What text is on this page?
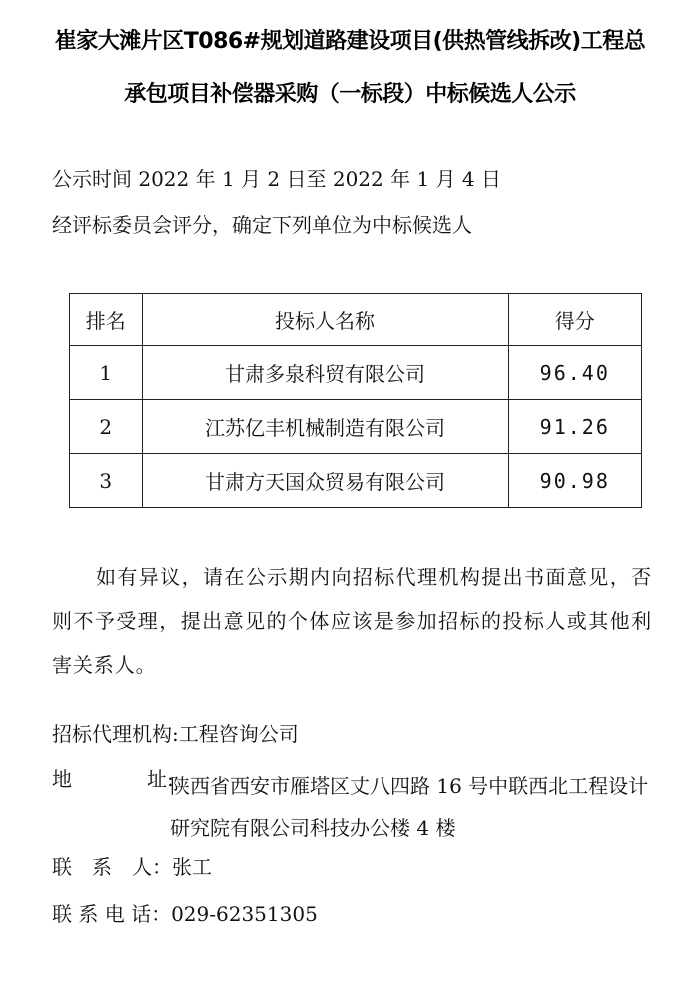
崔家大滩片区T086#规划道路建设项目(供热管线拆改)工程总
承包项目补偿器采购（一标段）中标候选人公示
公示时间 2022 年 1 月 2 日至 2022 年 1 月 4 日
经评标委员会评分，确定下列单位为中标候选人
排名	投标人名称	得分
1	甘肃多泉科贸有限公司	96.40
2	江苏亿丰机械制造有限公司	91.26
3	甘肃方天国众贸易有限公司	90.98
如有异议，请在公示期内向招标代理机构提出书面意见，否则不予受理，提出意见的个体应该是参加招标的投标人或其他利害关系人。
招标代理机构:工程咨询公司
地	址:
陕西省西安市雁塔区丈八四路 16 号中联西北工程设计研究院有限公司科技办公楼 4 楼
联　系　人：张工
联 系 电 话：029-62351305
